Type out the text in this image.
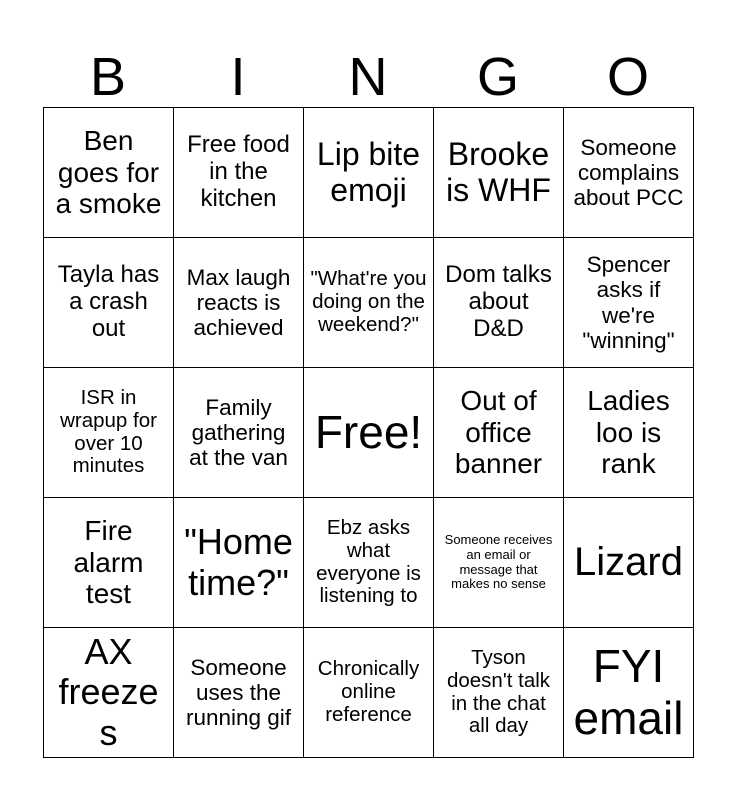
B	I	N	G	O
Ben goes for a smoke	Free food in the kitchen	Lip bite emoji	Brooke is WHF	Someone complains about PCC

Tayla has a crash out	Max laugh reacts is achieved	"What're you doing on the weekend?"	Dom talks about D&D	Spencer asks if we're "winning"

ISR in wrapup for over 10 minutes	Family gathering at the van	Free!	Out of office banner	Ladies loo is rank

Fire alarm test	"Home time?"	Ebz asks what everyone is listening to	Someone receives an email or message that makes no sense	Lizard

AX freezes	Someone uses the running gif	Chronically online reference	Tyson doesn't talk in the chat all day	FYI email
